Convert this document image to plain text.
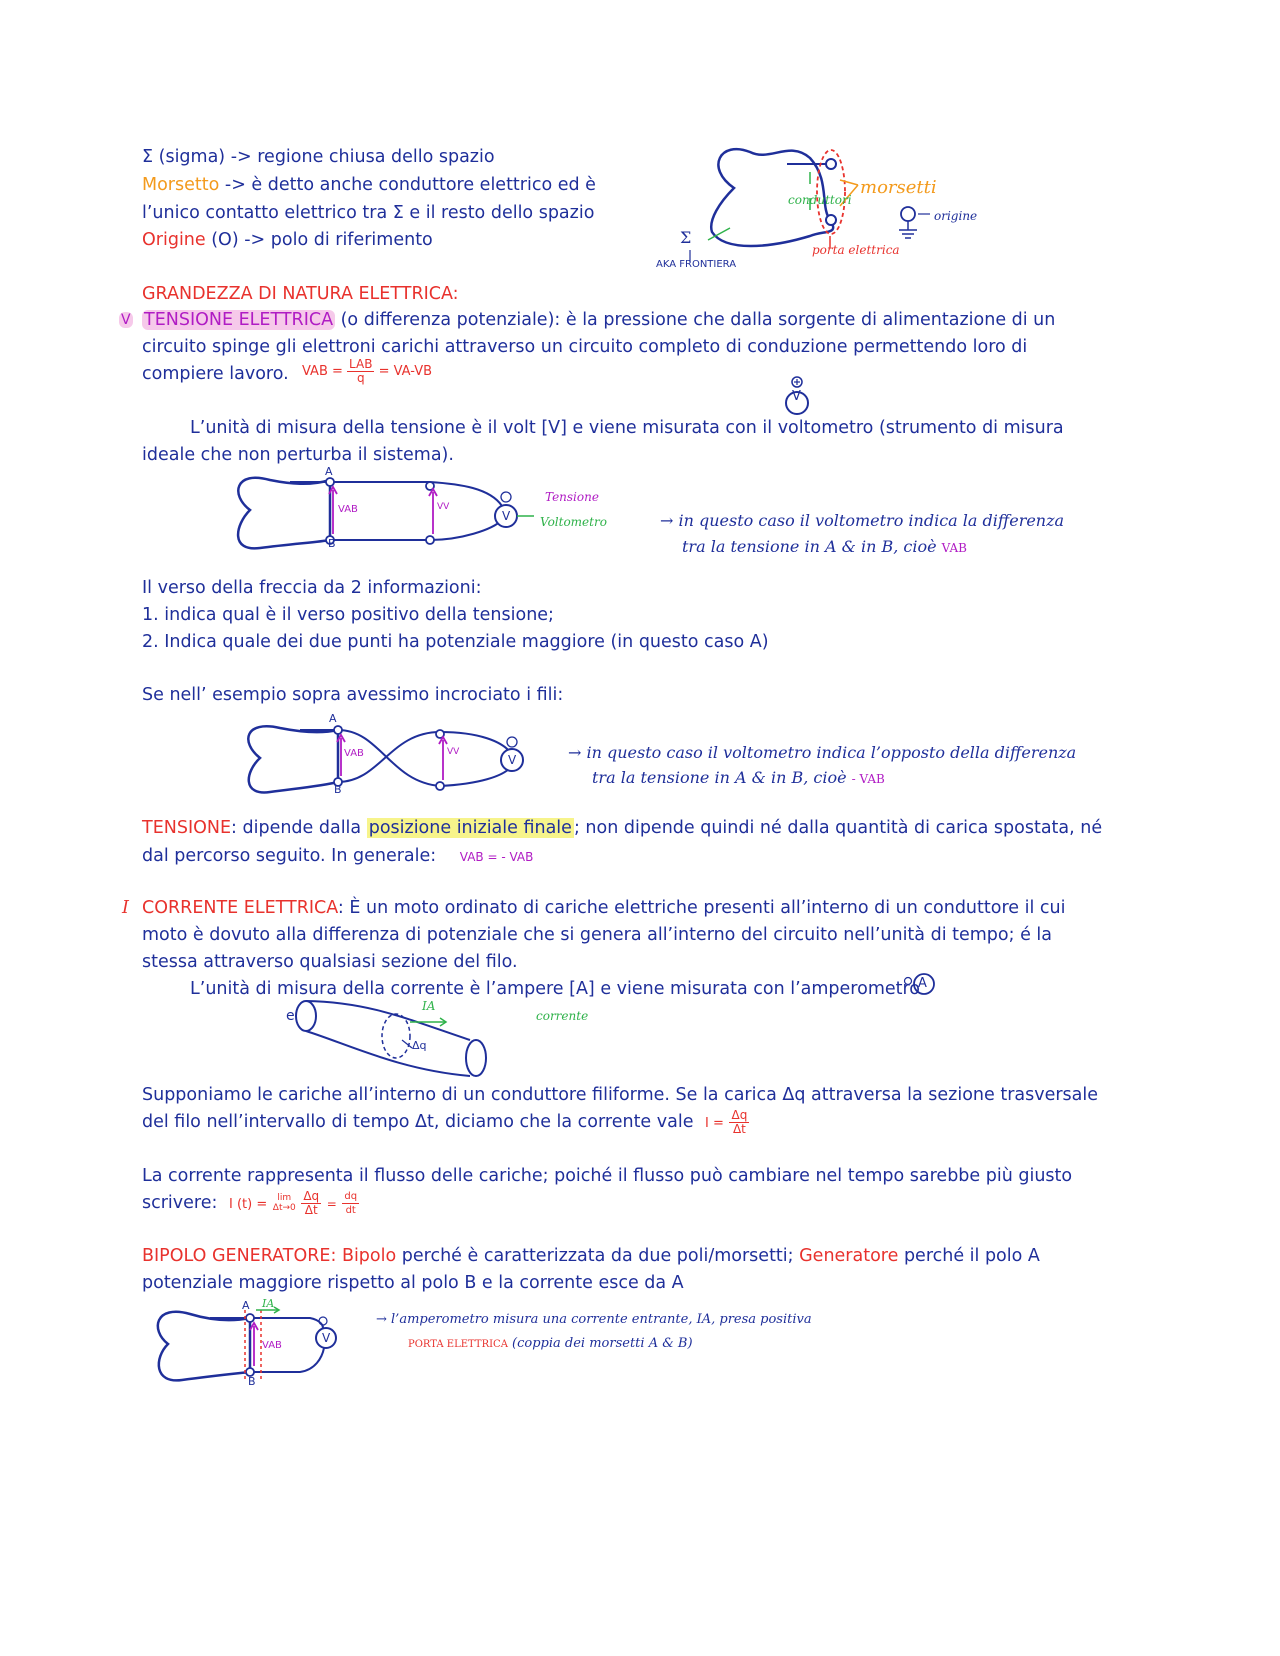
Σ (sigma) -> regione chiusa dello spazio
Morsetto -> è detto anche conduttore elettrico ed è
l’unico contatto elettrico tra Σ e il resto dello spazio
Origine (O) -> polo di riferimento
conduttori
morsetti
origine
porta elettrica
Σ
AKA FRONTIERA
GRANDEZZA DI NATURA ELETTRICA:
V TENSIONE ELETTRICA (o differenza potenziale): è la pressione che dalla sorgente di alimentazione di un
circuito spinge gli elettroni carichi attraverso un circuito completo di conduzione permettendo loro di
compiere lavoro. VAB = $\frac{\text{LAB}}{q} = VA-VB$
V
L’unità di misura della tensione è il volt [V] e viene misurata con il voltometro (strumento di misura
ideale che non perturba il sistema).
A
B
VAB	VV
V
Tensione
Voltometro	→ in questo caso il voltometro indica la differenza
tra la tensione in A & in B, cioè VAB
Il verso della freccia da 2 informazioni:
1. indica qual è il verso positivo della tensione;
2. Indica quale dei due punti ha potenziale maggiore (in questo caso A)
Se nell’ esempio sopra avessimo incrociato i fili:
A
B
VAB	VV
V	→ in questo caso il voltometro indica l’opposto della differenza
tra la tensione in A & in B, cioè - VAB
TENSIONE: dipende dalla posizione iniziale finale ; non dipende quindi né dalla quantità di carica spostata, né
dal percorso seguito. In generale: VAB = - VAB
I CORRENTE ELETTRICA: È un moto ordinato di cariche elettriche presenti all’interno di un conduttore il cui
moto è dovuto alla differenza di potenziale che si genera all’interno del circuito nell’unità di tempo; é la
stessa attraverso qualsiasi sezione del filo.
L’unità di misura della corrente è l’ampere [A] e viene misurata con l’amperometro
A
e
IA
corrente
Δq
Supponiamo le cariche all’interno di un conduttore filiforme. Se la carica Δq attraversa la sezione trasversale
del filo nell’intervallo di tempo Δt, diciamo che la corrente vale $I = \frac{\Delta q}{\Delta t}$
La corrente rappresenta il flusso delle cariche; poiché il flusso può cambiare nel tempo sarebbe più giusto
scrivere: I (t) =	lim
Δt→0
$\frac{\Delta q}{\Delta t} = \frac{dq}{dt}$
BIPOLO GENERATORE: Bipolo perché è caratterizzata da due poli/morsetti; Generatore perché il polo A
potenziale maggiore rispetto al polo B e la corrente esce da A
A
B
IA
VAB
V
→ l’amperometro misura una corrente entrante, IA, presa positiva
PORTA ELETTRICA (coppia dei morsetti A & B)
